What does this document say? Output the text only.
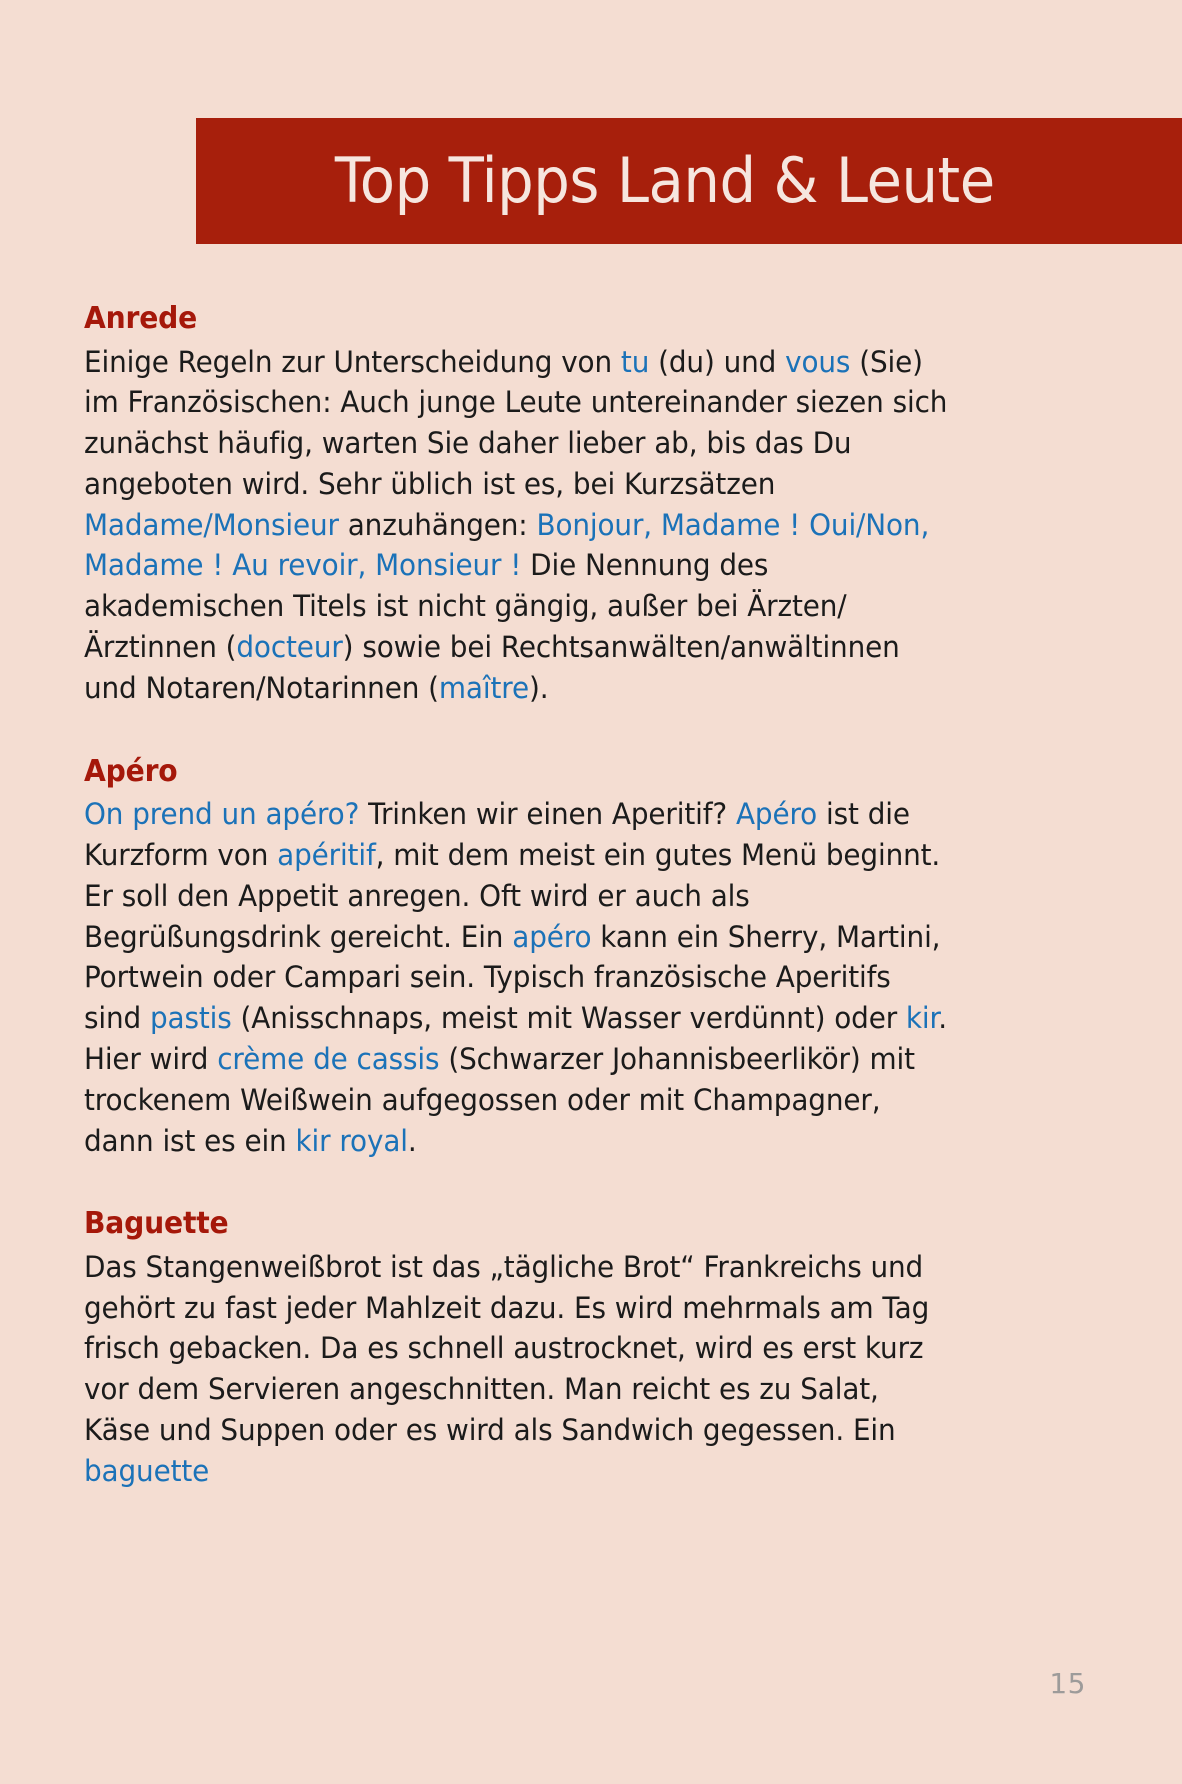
Top Tipps Land & Leute
Anrede

Einige Regeln zur Unterscheidung von tu (du) und vous (Sie) im Französischen: Auch junge Leute untereinander siezen sich zunächst häufig, warten Sie daher lieber ab, bis das Du angeboten wird. Sehr üblich ist es, bei Kurzsätzen Madame/Monsieur anzuhängen: Bonjour, Madame ! Oui/Non, Madame ! Au revoir, Monsieur ! Die Nennung des akademischen Titels ist nicht gängig, außer bei Ärzten/Ärztinnen (docteur) sowie bei Rechtsanwälten/anwältinnen und Notaren/Notarinnen (maître).

Apéro

On prend un apéro? Trinken wir einen Aperitif? Apéro ist die Kurzform von apéritif, mit dem meist ein gutes Menü beginnt. Er soll den Appetit anregen. Oft wird er auch als Begrüßungsdrink gereicht. Ein apéro kann ein Sherry, Martini, Portwein oder Campari sein. Typisch französische Aperitifs sind pastis (Anisschnaps, meist mit Wasser verdünnt) oder kir. Hier wird crème de cassis (Schwarzer Johannisbeerlikör) mit trockenem Weißwein aufgegossen oder mit Champagner, dann ist es ein kir royal.

Baguette

Das Stangenweißbrot ist das „tägliche Brot“ Frankreichs und gehört zu fast jeder Mahlzeit dazu. Es wird mehrmals am Tag frisch gebacken. Da es schnell austrocknet, wird es erst kurz vor dem Servieren angeschnitten. Man reicht es zu Salat, Käse und Suppen oder es wird als Sandwich gegessen. Ein baguette

15
